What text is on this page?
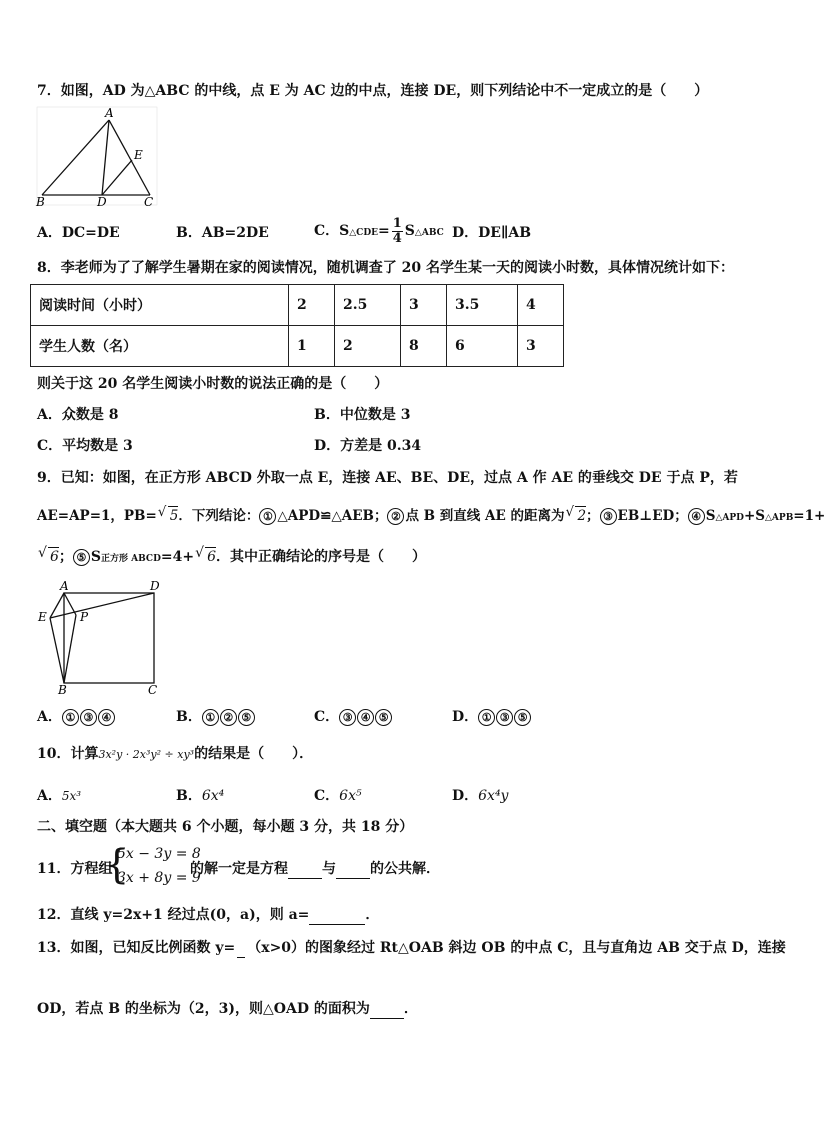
7．如图，AD 为△ABC 的中线，点 E 为 AC 边的中点，连接 DE，则下列结论中不一定成立的是（　　）
A
B	D	C
E
A．DC=DE	B．AB=2DE	C．S△CDE= $\frac{1}{4}$ S△ABC D．DE∥AB
8．李老师为了了解学生暑期在家的阅读情况，随机调查了 20 名学生某一天的阅读小时数，具体情况统计如下：
阅读时间（小时）	2	2.5	3	3.5	4
学生人数（名）	1	2	8	6	3
则关于这 20 名学生阅读小时数的说法正确的是（　　）
A．众数是 8	B．中位数是 3
C．平均数是 3	D．方差是 0.34
9．已知：如图，在正方形 ABCD 外取一点 E，连接 AE、BE、DE，过点 A 作 AE 的垂线交 DE 于点 P，若
AE=AP=1，PB= √ 5．下列结论： ① △APD≌△AEB； ② 点 B 到直线 AE 的距离为 √ 2； ③ EB⊥ED； ④ S△APD+S△APB=1+
√ 6； ⑤ S正方形 ABCD=4+ √ 6．其中正确结论的序号是（　　）
A	D
E	P
B	C
A． ① ③ ④	B． ① ② ⑤	C． ③ ④ ⑤	D． ① ③ ⑤
10．计算3x²y · 2x³y² ÷ xy³的结果是（　　）．
A．5x³	B．6x⁴	C．6x⁵	D．6x⁴y
二、填空题（本大题共 6 个小题，每小题 3 分，共 18 分）
11．方程组
{
5x − 3y = 8
3x + 8y = 9
的解一定是方程 与 的公共解．
12．直线 y=2x+1 经过点(0，a)，则 a=	．
13．如图，已知反比例函数 y=

（x>0）的图象经过 Rt△OAB 斜边 OB 的中点 C，且与直角边 AB 交于点 D，连接
OD，若点 B 的坐标为（2，3)，则△OAD 的面积为 ．
